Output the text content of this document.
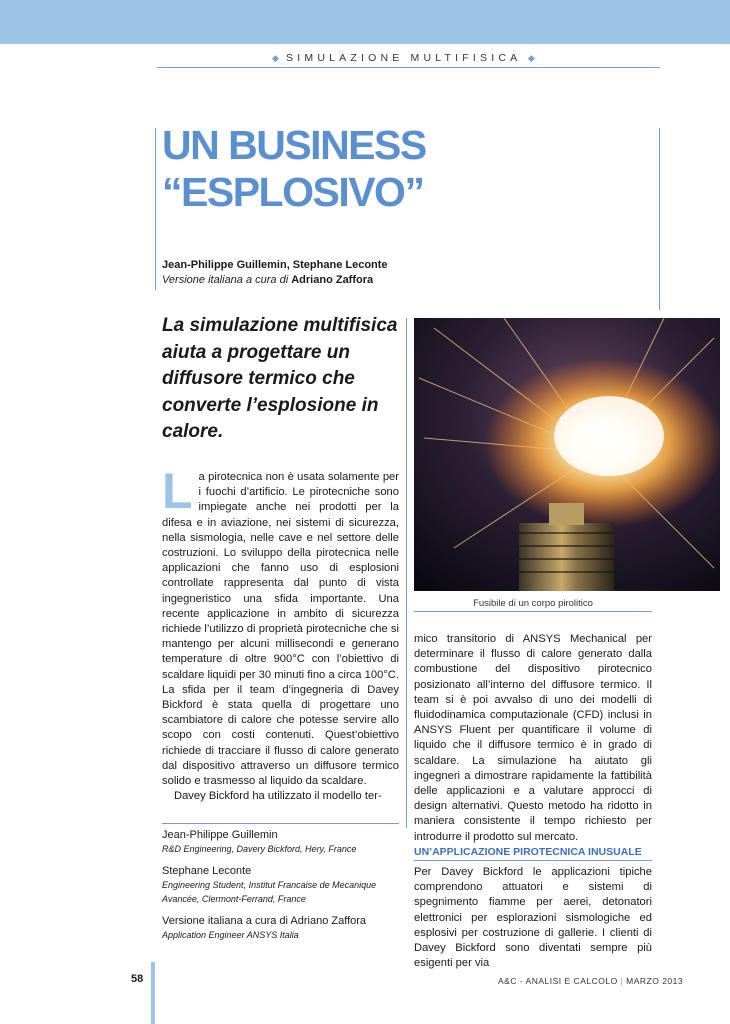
◆ SIMULAZIONE MULTIFISICA ◆
UN BUSINESS
“ESPLOSIVO”
Jean-Philippe Guillemin, Stephane Leconte
Versione italiana a cura di Adriano Zaffora

La simulazione multifisica aiuta a progettare un diffusore termico che converte l’esplosione in calore.

Fusibile di un corpo pirolitico
L a pirotecnica non è usata solamente per i fuochi d’artificio. Le pirotecniche sono impiegate anche nei prodotti per la difesa e in aviazione, nei sistemi di sicurezza, nella sismologia, nelle cave e nel settore delle costruzioni. Lo sviluppo della pirotecnica nelle applicazioni che fanno uso di esplosioni controllate rappresenta dal punto di vista ingegneristico una sfida importante. Una recente applicazione in ambito di sicurezza richiede l’utilizzo di proprietà pirotecniche che si mantengo per alcuni millisecondi e generano temperature di oltre 900°C con l’obiettivo di scaldare liquidi per 30 minuti fino a circa 100°C. La sfida per il team d’ingegneria di Davey Bickford è stata quella di progettare uno scambiatore di calore che potesse servire allo scopo con costi contenuti. Quest’obiettivo richiede di tracciare il flusso di calore generato dal dispositivo attraverso un diffusore termico solido e trasmesso al liquido da scaldare.

Davey Bickford ha utilizzato il modello ter-

mico transitorio di ANSYS Mechanical per determinare il flusso di calore generato dalla combustione del dispositivo pirotecnico posizionato all’interno del diffusore termico. Il team si è poi avvalso di uno dei modelli di fluidodinamica computazionale (CFD) inclusi in ANSYS Fluent per quantificare il volume di liquido che il diffusore termico è in grado di scaldare. La simulazione ha aiutato gli ingegneri a dimostrare rapidamente la fattibilità delle applicazioni e a valutare approcci di design alternativi. Questo metodo ha ridotto in maniera consistente il tempo richiesto per introdurre il prodotto sul mercato.

UN’APPLICAZIONE PIROTECNICA INUSUALE

Per Davey Bickford le applicazioni tipiche comprendono attuatori e sistemi di spegnimento fiamme per aerei, detonatori elettronici per esplorazioni sismologiche ed esplosivi per costruzione di gallerie. I clienti di Davey Bickford sono diventati sempre più esigenti per via

Jean-Philippe Guillemin
R&D Engineering, Davery Bickford, Hery, France
Stephane Leconte
Engineering Student, Institut Francaise de Mecanique Avancée, Clermont-Ferrand, France
Versione italiana a cura di Adriano Zaffora
Application Engineer ANSYS Italia
58	A&C - ANALISI E CALCOLO | MARZO 2013
